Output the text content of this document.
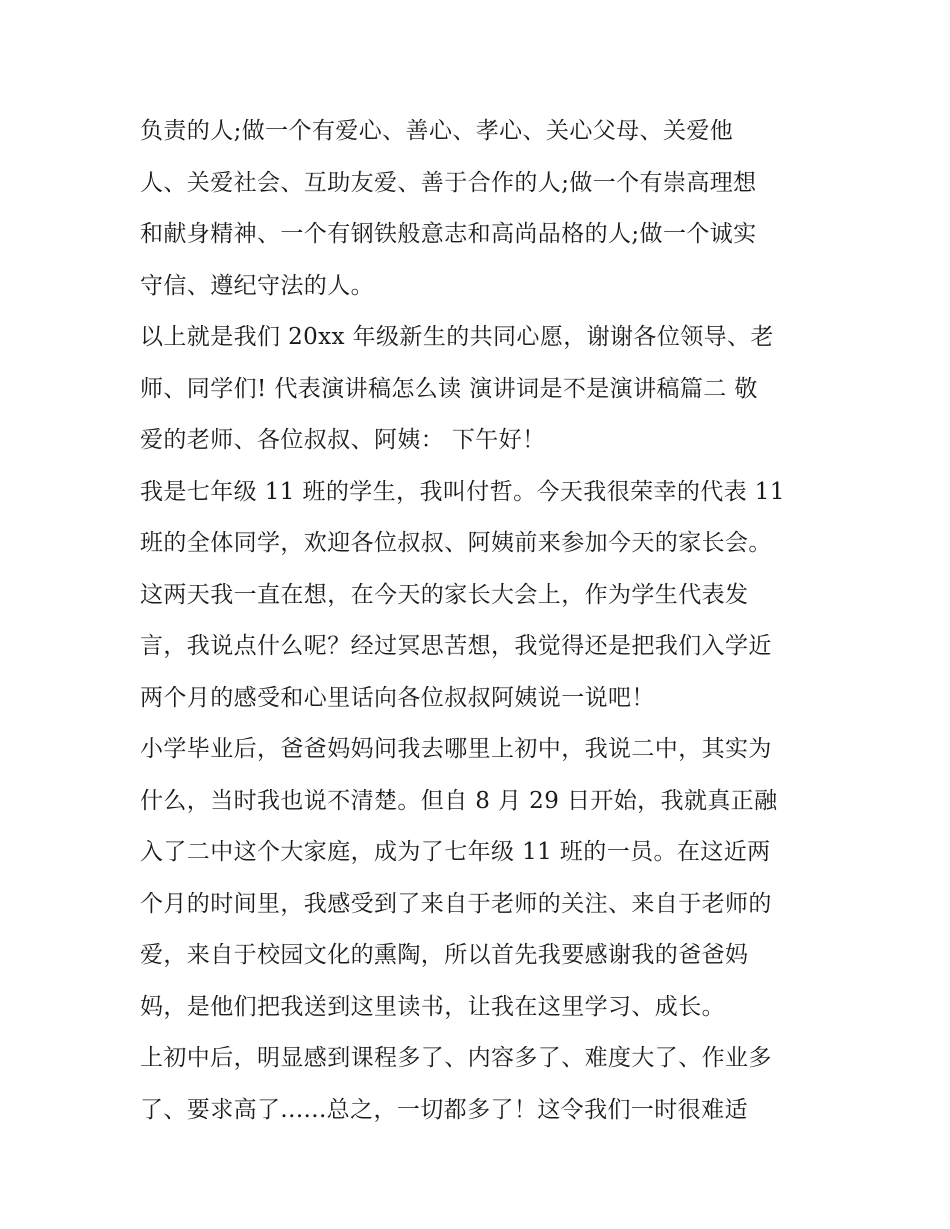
负责的人;做一个有爱心、善心、孝心、关心父母、关爱他
人、关爱社会、互助友爱、善于合作的人;做一个有崇高理想
和献身精神、一个有钢铁般意志和高尚品格的人;做一个诚实
守信、遵纪守法的人。
以上就是我们 20xx 年级新生的共同心愿，谢谢各位领导、老
师、同学们! 代表演讲稿怎么读 演讲词是不是演讲稿篇二 敬
爱的老师、各位叔叔、阿姨： 下午好！
我是七年级 11 班的学生，我叫付哲。今天我很荣幸的代表 11
班的全体同学，欢迎各位叔叔、阿姨前来参加今天的家长会。
这两天我一直在想，在今天的家长大会上，作为学生代表发
言，我说点什么呢？经过冥思苦想，我觉得还是把我们入学近
两个月的感受和心里话向各位叔叔阿姨说一说吧！
小学毕业后，爸爸妈妈问我去哪里上初中，我说二中，其实为
什么，当时我也说不清楚。但自 8 月 29 日开始，我就真正融
入了二中这个大家庭，成为了七年级 11 班的一员。在这近两
个月的时间里，我感受到了来自于老师的关注、来自于老师的
爱，来自于校园文化的熏陶，所以首先我要感谢我的爸爸妈
妈，是他们把我送到这里读书，让我在这里学习、成长。
上初中后，明显感到课程多了、内容多了、难度大了、作业多
了、要求高了......总之，一切都多了！这令我们一时很难适
